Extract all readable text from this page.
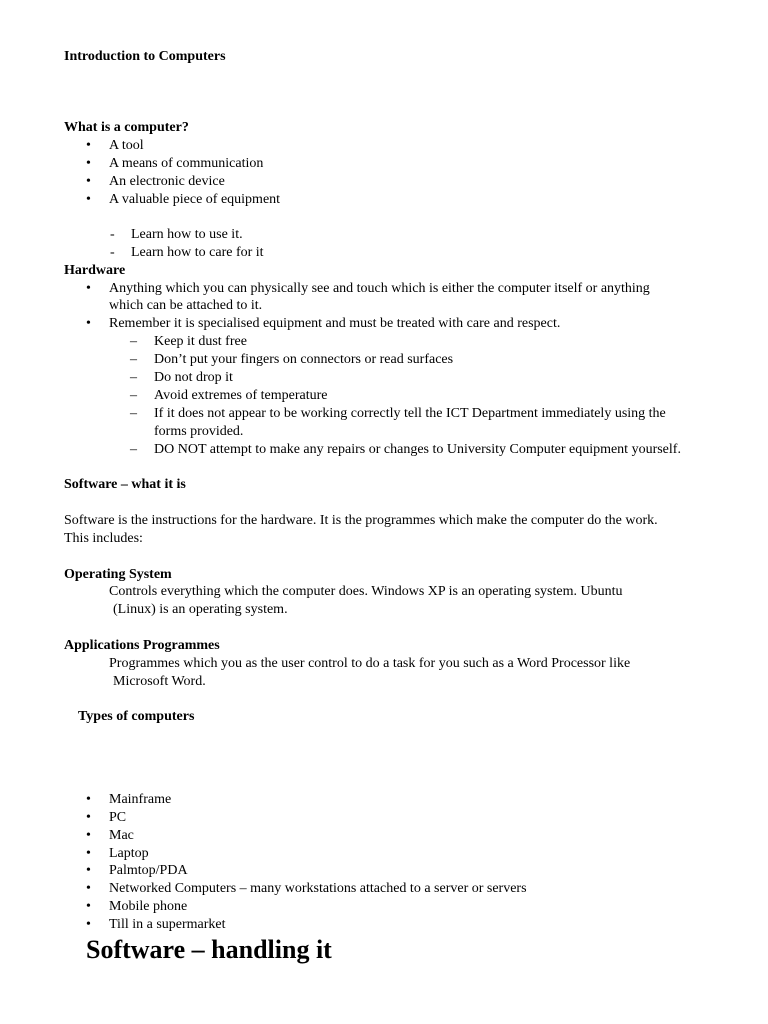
Introduction to Computers
What is a computer?
• A tool
• A means of communication
• An electronic device
• A valuable piece of equipment
- Learn how to use it.
- Learn how to care for it
Hardware
• Anything which you can physically see and touch which is either the computer itself or anything
which can be attached to it.
• Remember it is specialised equipment and must be treated with care and respect.
– Keep it dust free
– Don’t put your fingers on connectors or read surfaces
– Do not drop it
– Avoid extremes of temperature
– If it does not appear to be working correctly tell the ICT Department immediately using the
forms provided.
– DO NOT attempt to make any repairs or changes to University Computer equipment yourself.
Software – what it is
Software is the instructions for the hardware. It is the programmes which make the computer do the work.
This includes:
Operating System
Controls everything which the computer does. Windows XP is an operating system. Ubuntu
(Linux) is an operating system.
Applications Programmes
Programmes which you as the user control to do a task for you such as a Word Processor like
Microsoft Word.
Types of computers
• Mainframe
• PC
• Mac
• Laptop
• Palmtop/PDA
• Networked Computers – many workstations attached to a server or servers
• Mobile phone
• Till in a supermarket
Software – handling it
